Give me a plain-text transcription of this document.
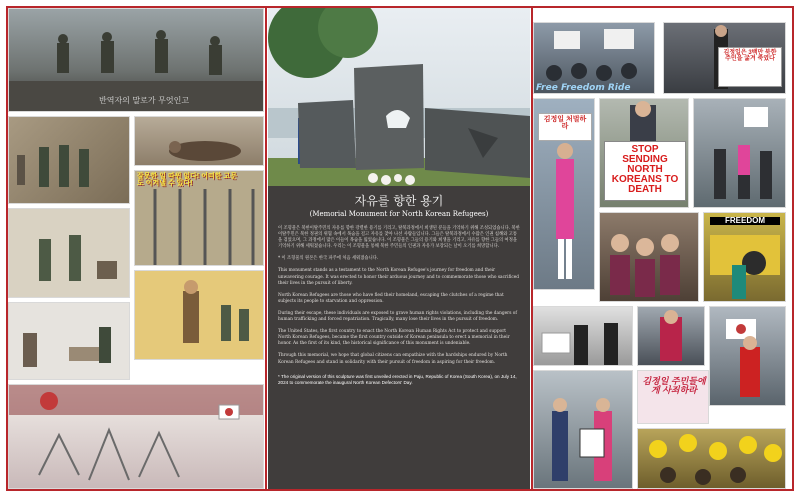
반역자의 말로가 무엇인고
잘못한 일 따윈 없다! 어떠한 고문도 이겨낼 수 있다!

자유를 향한 용기

(Memorial Monument for North Korean Refugees)

이 조형물은 북한이탈주민의 자유를 향한 강렬한 용기를 기리고, 탈북과정에서 희생된 분들을 기억하기 위해 조성되었습니다. 북한이탈주민은 북한 정권의 위협 속에서 목숨을 걸고 자유를 찾아 나선 사람들입니다. 그들은 탈북과정에서 수많은 인권 침해와 고통을 겪었으며, 그 과정에서 많은 이들이 목숨을 잃었습니다. 이 조형물은 그들의 용기와 희생을 기리고, 자유를 향한 그들의 여정을 기억하기 위해 세워졌습니다. 우리는 이 조형물을 통해 북한 주민들의 인권과 자유가 보장되는 날이 오기를 희망합니다.

* 이 조형물의 원본은 한국 파주에 처음 세워졌습니다.

This monument stands as a testament to the North Korean Refugee's journey for freedom and their unwavering courage. It was erected to honor their arduous journey and to commemorate those who sacrificed their lives in the pursuit of liberty.

North Korean Refugees are those who have fled their homeland, escaping the clutches of a regime that subjects its people to starvation and oppression.

During their escape, these individuals are exposed to grave human rights violations, including the dangers of human trafficking and forced repatriation. Tragically, many lose their lives in the pursuit of freedom.

The United States, the first country to enact the North Korean Human Rights Act to protect and support North Korean Refugees, became the first country outside of Korean peninsula to erect a memorial in their honor. As the first of its kind, the historical significance of this monument is undeniable.

Through this memorial, we hope that global citizens can empathize with the hardships endured by North Korean Refugees and stand in solidarity with their pursuit of freedom in aspiring for their freedom.

* The original version of this sculpture was first unveiled erected in Paju, Republic of Korea (South Korea), on July 14, 2024 to commemorate the inaugural North Korean Defectors' Day.

Free Freedom Ride
김정일은 3백만 북한 주민을 굶겨 죽였다
김정일 처벌하라
STOP SENDING NORTH KOREANS TO DEATH
FREEDOM
김정일 주민들에게 사죄하라
